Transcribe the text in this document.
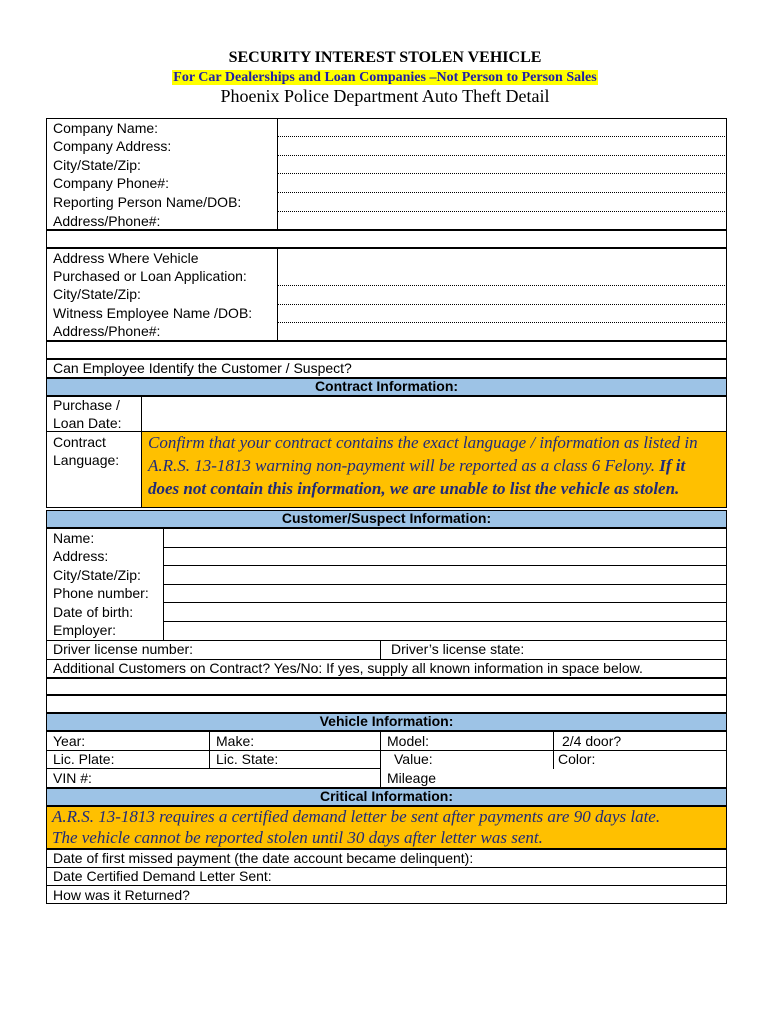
SECURITY INTEREST STOLEN VEHICLE
For Car Dealerships and Loan Companies –Not Person to Person Sales
Phoenix Police Department Auto Theft Detail
Company Name:
Company Address:
City/State/Zip:
Company Phone#:
Reporting Person Name/DOB:
Address/Phone#:
Address Where Vehicle
Purchased or Loan Application:
City/State/Zip:
Witness Employee Name /DOB:
Address/Phone#:
Can Employee Identify the Customer / Suspect?
Contract Information:
Purchase /
Loan Date:
Contract
Language:
Confirm that your contract contains the exact language / information as listed in
A.R.S. 13-1813 warning non-payment will be reported as a class 6 Felony. If it
does not contain this information, we are unable to list the vehicle as stolen.
Customer/Suspect Information:
Name:
Address:
City/State/Zip:
Phone number:
Date of birth:
Employer:
Driver license number:	Driver’s license state:
Additional Customers on Contract? Yes/No: If yes, supply all known information in space below.
Vehicle Information:
Year:	Make:	Model:	2/4 door?
Lic. Plate:	Lic. State:	Value:	Color:
VIN #:	Mileage
Critical Information:
A.R.S. 13-1813 requires a certified demand letter be sent after payments are 90 days late.
The vehicle cannot be reported stolen until 30 days after letter was sent.
Date of first missed payment (the date account became delinquent):
Date Certified Demand Letter Sent:
How was it Returned?
